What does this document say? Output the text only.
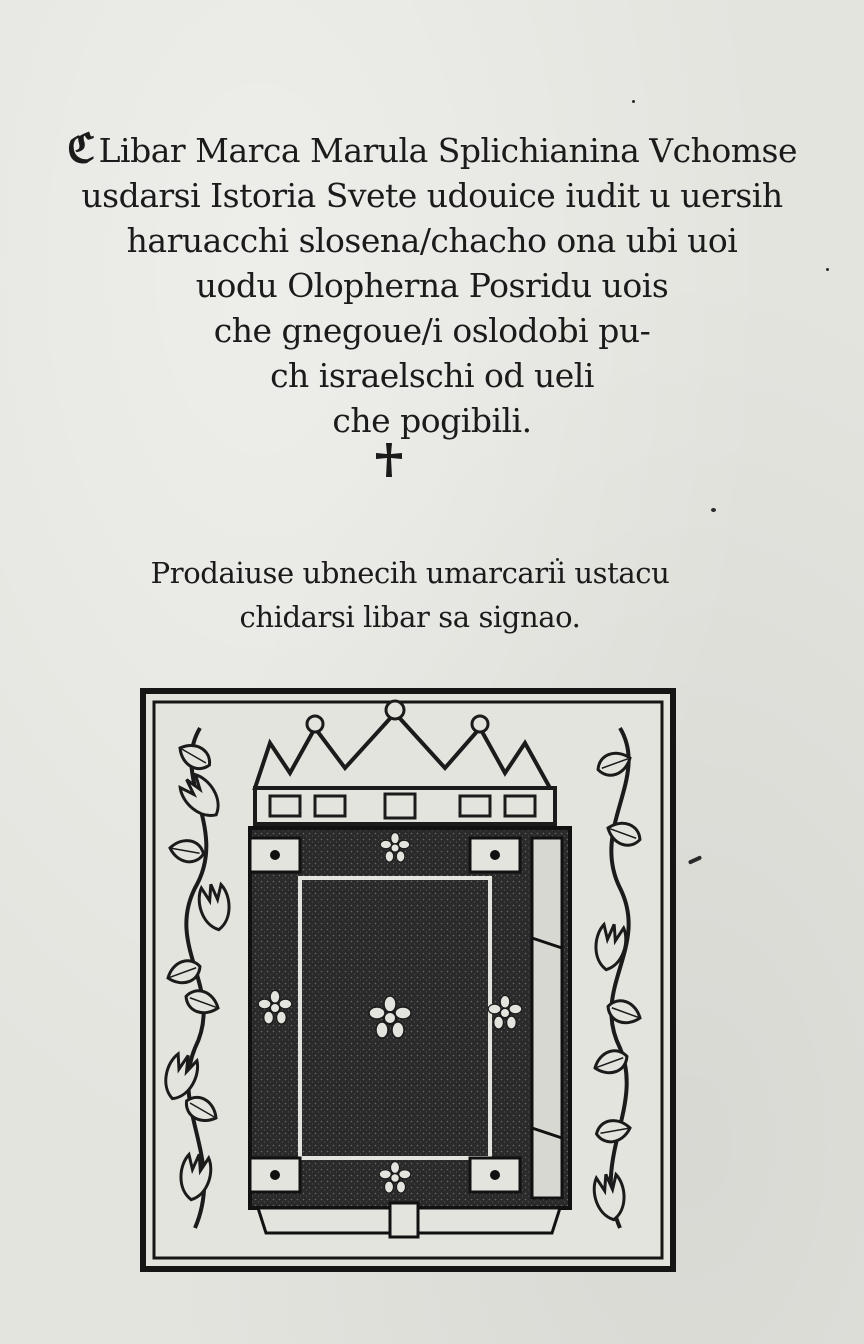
ℭ Libar Marca Marula Splichianina Vchomse
usdarsi Istoria Svete udouice iudit u uersih
haruacchi slosena/chacho ona ubi uoi
uodu Olopherna Posridu uois
che gnegoue/i oslodobi pu-
ch israelschi od ueli
che pogibili.
Prodaiuse ubnecih umarcarii ustacu
chidarsi libar sa signao.
